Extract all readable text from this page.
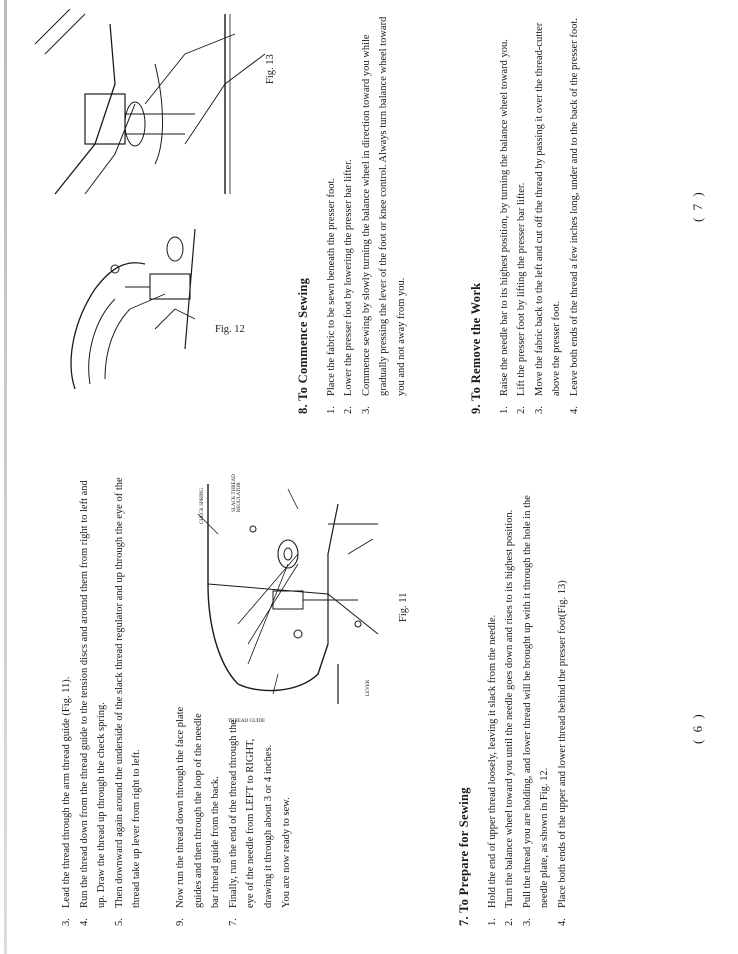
3.
Lead the thread through the arm thread guide (Fig. 11).

4.
Run the thread down from the thread guide to the tension discs and around them from right to left and up. Draw the thread up through the check spring.

5.
Then downward again around the underside of the slack thread regulator and up through the eye of the thread take up lever from right to left.

9.
Now run the thread down through the face plate guides and then through the loop of the needle bar thread guide from the back.

7.
Finally, run the end of the thread through the eye of the needle from LEFT to RIGHT, drawing it through about 3 or 4 inches. You are now ready to sew.

THREAD GUIDE
CHECK SPRING	SLACK THREAD REGULATOR
LEVER
Fig. 11

7. To Prepare for Sewing 1.
Hold the end of upper thread loosely, leaving it slack from the needle.

2.
Turn the balance wheel toward you until the needle goes down and rises to its highest position.

3.
Pull the thread you are holding, and lower thread will be brought up with it through the hole in the needle plate, as shown in Fig. 12.

4.
Place both ends of the upper and lower thread behind the presser foot(Fig. 13)	( 6 )
Fig. 12
Fig. 13

8. To Commence Sewing 1.
Place the fabric to be sewn beneath the presser foot.

2.
Lower the presser foot by lowering the presser bar lifter.

3.
Commence sewing by slowly turning the balance wheel in direction toward you while gradually pressing the lever of the foot or knee control. Always turn balance wheel toward you and not away from you.	9. To Remove the Work 1.
Raise the needle bar to its highest position, by turning the balance wheel toward you.

2.
Lift the presser foot by lifting the presser bar lifter.

3.
Move the fabric back to the left and cut off the thread by passing it over the thread-cutter above the presser foot.

4.
Leave both ends of the thread a few inches long, under and to the back of the presser foot.	( 7 )
